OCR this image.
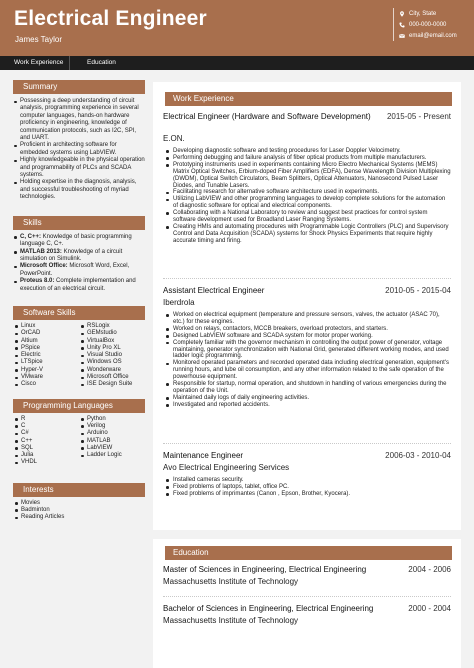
Electrical Engineer
James Taylor
City, State
000-000-0000
email@email.com
Work Experience	Education
Summary
Possessing a deep understanding of circuit analysis, programming experience in several computer languages, hands-on hardware proficiency in engineering, knowledge of communication protocols, such as I2C, SPI, and UART.
Proficient in architecting software for embedded systems using LabVIEW.
Highly knowledgeable in the physical operation and programmability of PLCs and SCADA systems.
Holding expertise in the diagnosis, analysis, and successful troubleshooting of myriad technologies.
Skills
C, C++: Knowledge of basic programming language C, C+.
MATLAB 2013: Knowledge of a circuit simulation on Simulink.
Microsoft Office: Microsoft Word, Excel, PowerPoint.
Proteus 8.0: Complete implementation and execution of an electrical circuit.
Software Skills
Linux
OrCAD
Altium
PSpice
Electric
LTSpice
Hyper-V
VMware
Cisco
RSLogix
GEMstudio
VirtualBox
Unity Pro XL
Visual Studio
Windows OS
Wonderware
Microsoft Office
ISE Design Suite
Programming Languages
R
C
C#
C++
SQL
Julia
VHDL
Python
Verilog
Arduino
MATLAB
LabVIEW
Ladder Logic
Interests
Movies
Badminton
Reading Articles
Work Experience
Electrical Engineer (Hardware and Software Development)	2015-05 - Present
E.ON.
Developing diagnostic software and testing procedures for Laser Doppler Velocimetry.
Performing debugging and failure analysis of fiber optical products from multiple manufacturers.
Prototyping instruments used in experiments containing Micro Electro Mechanical Systems (MEMS) Matrix Optical Switches, Erbium-doped Fiber Amplifiers (EDFA), Dense Wavelength Division Multiplexing (DWDM), Optical Switch Circulators, Beam Splitters, Optical Attenuators, Nanosecond Pulsed Laser Diodes, and Tunable Lasers.
Facilitating research for alternative software architecture used in experiments.
Utilizing LabVIEW and other programming languages to develop complete solutions for the automation of diagnostic software for optical and electrical components.
Collaborating with a National Laboratory to review and suggest best practices for control system software development used for Broadland Laser Ranging Systems.
Creating HMIs and automating procedures with Programmable Logic Controllers (PLC) and Supervisory Control and Data Acquisition (SCADA) systems for Shock Physics Experiments that require highly accurate timing and firing.
Assistant Electrical Engineer	2010-05 - 2015-04
Iberdrola
Worked on electrical equipment (temperature and pressure sensors, valves, the actuator (ASAC 70), etc.) for these engines.
Worked on relays, contactors, MCCB breakers, overload protectors, and starters.
Designed LabVIEW software and SCADA system for motor proper working.
Completely familiar with the governor mechanism in controlling the output power of generator, voltage maintaining, generator synchronization with National Grid, generated different working modes, and used ladder logic programming.
Monitored operated parameters and recorded operated data including electrical generation, equipment's running hours, and lube oil consumption, and any other information related to the safe operation of the powerhouse equipment.
Responsible for startup, normal operation, and shutdown in handling of various emergencies during the operation of the Unit.
Maintained daily logs of daily engineering activities.
Investigated and reported accidents.
Maintenance Engineer	2006-03 - 2010-04
Avo Electrical Engineering Services
Installed cameras security.
Fixed problems of laptops, tablet, office PC.
Fixed problems of imprimantes (Canon , Epson, Brother, Kyocera).
Education
Master of Sciences in Engineering, Electrical Engineering	2004 - 2006
Massachusetts Institute of Technology
Bachelor of Sciences in Engineering, Electrical Engineering	2000 - 2004
Massachusetts Institute of Technology
